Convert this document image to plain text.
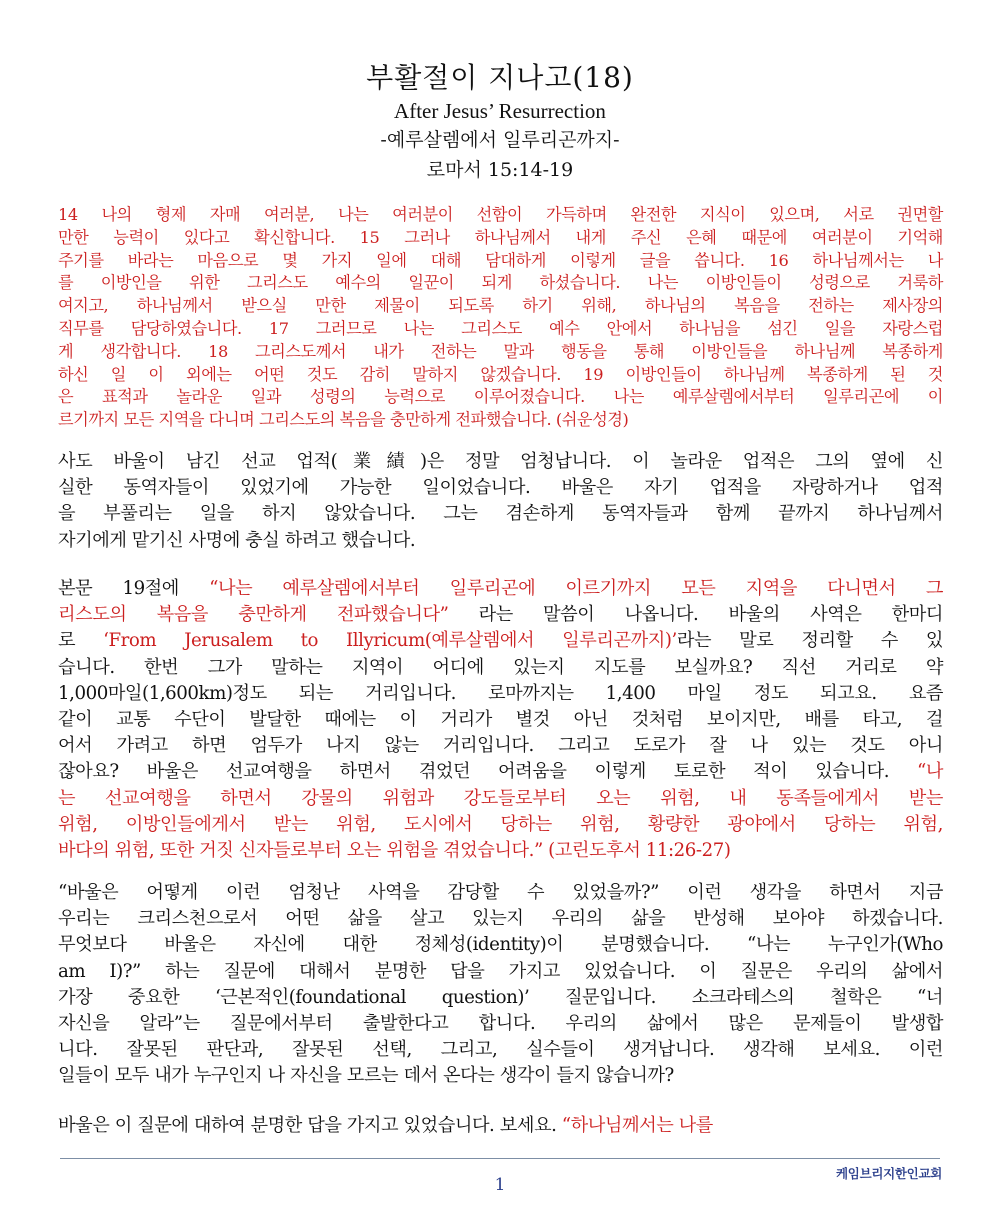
부활절이 지나고(18)
After Jesus’ Resurrection
-예루살렘에서 일루리곤까지-
로마서 15:14-19
14 나의 형제 자매 여러분, 나는 여러분이 선함이 가득하며 완전한 지식이 있으며, 서로 권면할
만한 능력이 있다고 확신합니다. 15 그러나 하나님께서 내게 주신 은혜 때문에 여러분이 기억해
주기를 바라는 마음으로 몇 가지 일에 대해 담대하게 이렇게 글을 씁니다. 16 하나님께서는 나
를 이방인을 위한 그리스도 예수의 일꾼이 되게 하셨습니다. 나는 이방인들이 성령으로 거룩하
여지고, 하나님께서 받으실 만한 제물이 되도록 하기 위해, 하나님의 복음을 전하는 제사장의
직무를 담당하였습니다. 17 그러므로 나는 그리스도 예수 안에서 하나님을 섬긴 일을 자랑스럽
게 생각합니다. 18 그리스도께서 내가 전하는 말과 행동을 통해 이방인들을 하나님께 복종하게
하신 일 이 외에는 어떤 것도 감히 말하지 않겠습니다. 19 이방인들이 하나님께 복종하게 된 것
은 표적과 놀라운 일과 성령의 능력으로 이루어졌습니다. 나는 예루살렘에서부터 일루리곤에 이
르기까지 모든 지역을 다니며 그리스도의 복음을 충만하게 전파했습니다. (쉬운성경)
사도 바울이 남긴 선교 업적(業績)은 정말 엄청납니다. 이 놀라운 업적은 그의 옆에 신
실한 동역자들이 있었기에 가능한 일이었습니다. 바울은 자기 업적을 자랑하거나 업적
을 부풀리는 일을 하지 않았습니다. 그는 겸손하게 동역자들과 함께 끝까지 하나님께서
자기에게 맡기신 사명에 충실 하려고 했습니다.
본문 19절에 “나는 예루살렘에서부터 일루리곤에 이르기까지 모든 지역을 다니면서 그
리스도의 복음을 충만하게 전파했습니다” 라는 말씀이 나옵니다. 바울의 사역은 한마디
로 ‘From Jerusalem to Illyricum(예루살렘에서 일루리곤까지)’라는 말로 정리할 수 있
습니다. 한번 그가 말하는 지역이 어디에 있는지 지도를 보실까요? 직선 거리로 약
1,000마일(1,600km)정도 되는 거리입니다. 로마까지는 1,400 마일 정도 되고요. 요즘
같이 교통 수단이 발달한 때에는 이 거리가 별것 아닌 것처럼 보이지만, 배를 타고, 걸
어서 가려고 하면 엄두가 나지 않는 거리입니다. 그리고 도로가 잘 나 있는 것도 아니
잖아요? 바울은 선교여행을 하면서 겪었던 어려움을 이렇게 토로한 적이 있습니다. “나
는 선교여행을 하면서 강물의 위험과 강도들로부터 오는 위험, 내 동족들에게서 받는
위험, 이방인들에게서 받는 위험, 도시에서 당하는 위험, 황량한 광야에서 당하는 위험,
바다의 위험, 또한 거짓 신자들로부터 오는 위험을 겪었습니다.” (고린도후서 11:26-27)
“바울은 어떻게 이런 엄청난 사역을 감당할 수 있었을까?” 이런 생각을 하면서 지금
우리는 크리스천으로서 어떤 삶을 살고 있는지 우리의 삶을 반성해 보아야 하겠습니다.
무엇보다 바울은 자신에 대한 정체성(identity)이 분명했습니다. “나는 누구인가(Who
am I)?” 하는 질문에 대해서 분명한 답을 가지고 있었습니다. 이 질문은 우리의 삶에서
가장 중요한 ‘근본적인(foundational question)’ 질문입니다. 소크라테스의 철학은 “너
자신을 알라”는 질문에서부터 출발한다고 합니다. 우리의 삶에서 많은 문제들이 발생합
니다. 잘못된 판단과, 잘못된 선택, 그리고, 실수들이 생겨납니다. 생각해 보세요. 이런
일들이 모두 내가 누구인지 나 자신을 모르는 데서 온다는 생각이 들지 않습니까?
바울은 이 질문에 대하여 분명한 답을 가지고 있었습니다. 보세요. “하나님께서는 나를
1
케임브리지한인교회
